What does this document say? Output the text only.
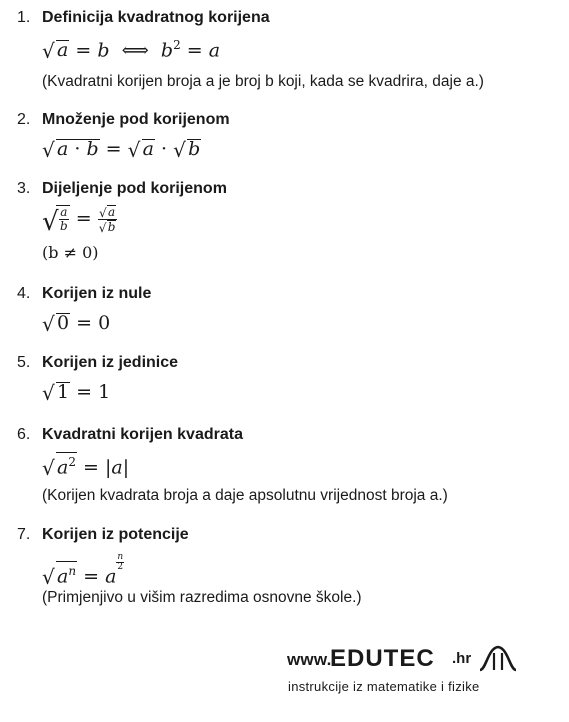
1. Definicija kvadratnog korijena
√ a = b  ⟺  $b^2 = a$
(Kvadratni korijen broja a je broj b koji, kada se kvadrira, daje a.)
2. Množenje pod korijenom
√ a · b = √ a · √ b
3. Dijeljenje pod korijenom
√ $\frac{a}{b} = \frac{√ a}{√ b}$
(b ≠ 0)
4. Korijen iz nule
√ 0 = 0
5. Korijen iz jedinice
√ 1 = 1
6. Kvadratni korijen kvadrata
√ $a^2 = |a|$
(Korijen kvadrata broja a daje apsolutnu vrijednost broja a.)
7. Korijen iz potencije
√ $a^n = a$
$^{\frac{n}{2}}$
(Primjenjivo u višim razredima osnovne škole.)
www.
EDUTEC .hr
instrukcije iz matematike i fizike
